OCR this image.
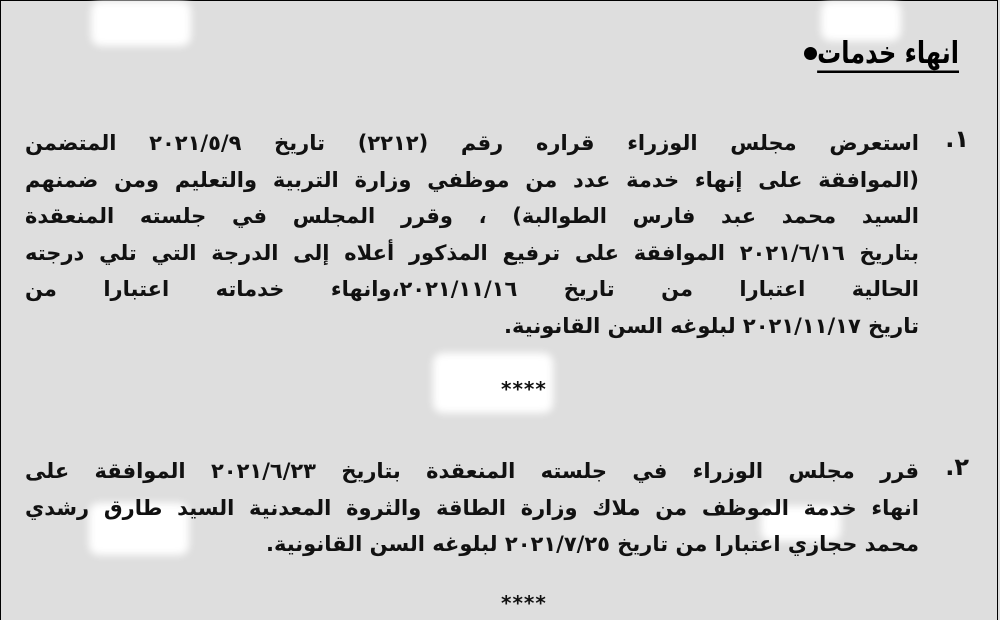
انهاء خدمات
١.
استعرض مجلس الوزراء قراره رقم (٢٢١٢) تاريخ ٢٠٢١/٥/٩ المتضمن
(الموافقة على إنهاء خدمة عدد من موظفي وزارة التربية والتعليم ومن ضمنهم
السيد محمد عبد فارس الطوالبة) ، وقرر المجلس في جلسته المنعقدة
بتاريخ ٢٠٢١/٦/١٦ الموافقة على ترفيع المذكور أعلاه إلى الدرجة التي تلي درجته
الحالية اعتبارا من تاريخ ٢٠٢١/١١/١٦،وانهاء خدماته اعتبارا من
تاريخ ٢٠٢١/١١/١٧ لبلوغه السن القانونية.
****
٢.
قرر مجلس الوزراء في جلسته المنعقدة بتاريخ ٢٠٢١/٦/٢٣ الموافقة على
انهاء خدمة الموظف من ملاك وزارة الطاقة والثروة المعدنية السيد طارق رشدي
محمد حجازي اعتبارا من تاريخ ٢٠٢١/٧/٢٥ لبلوغه السن القانونية.
****
